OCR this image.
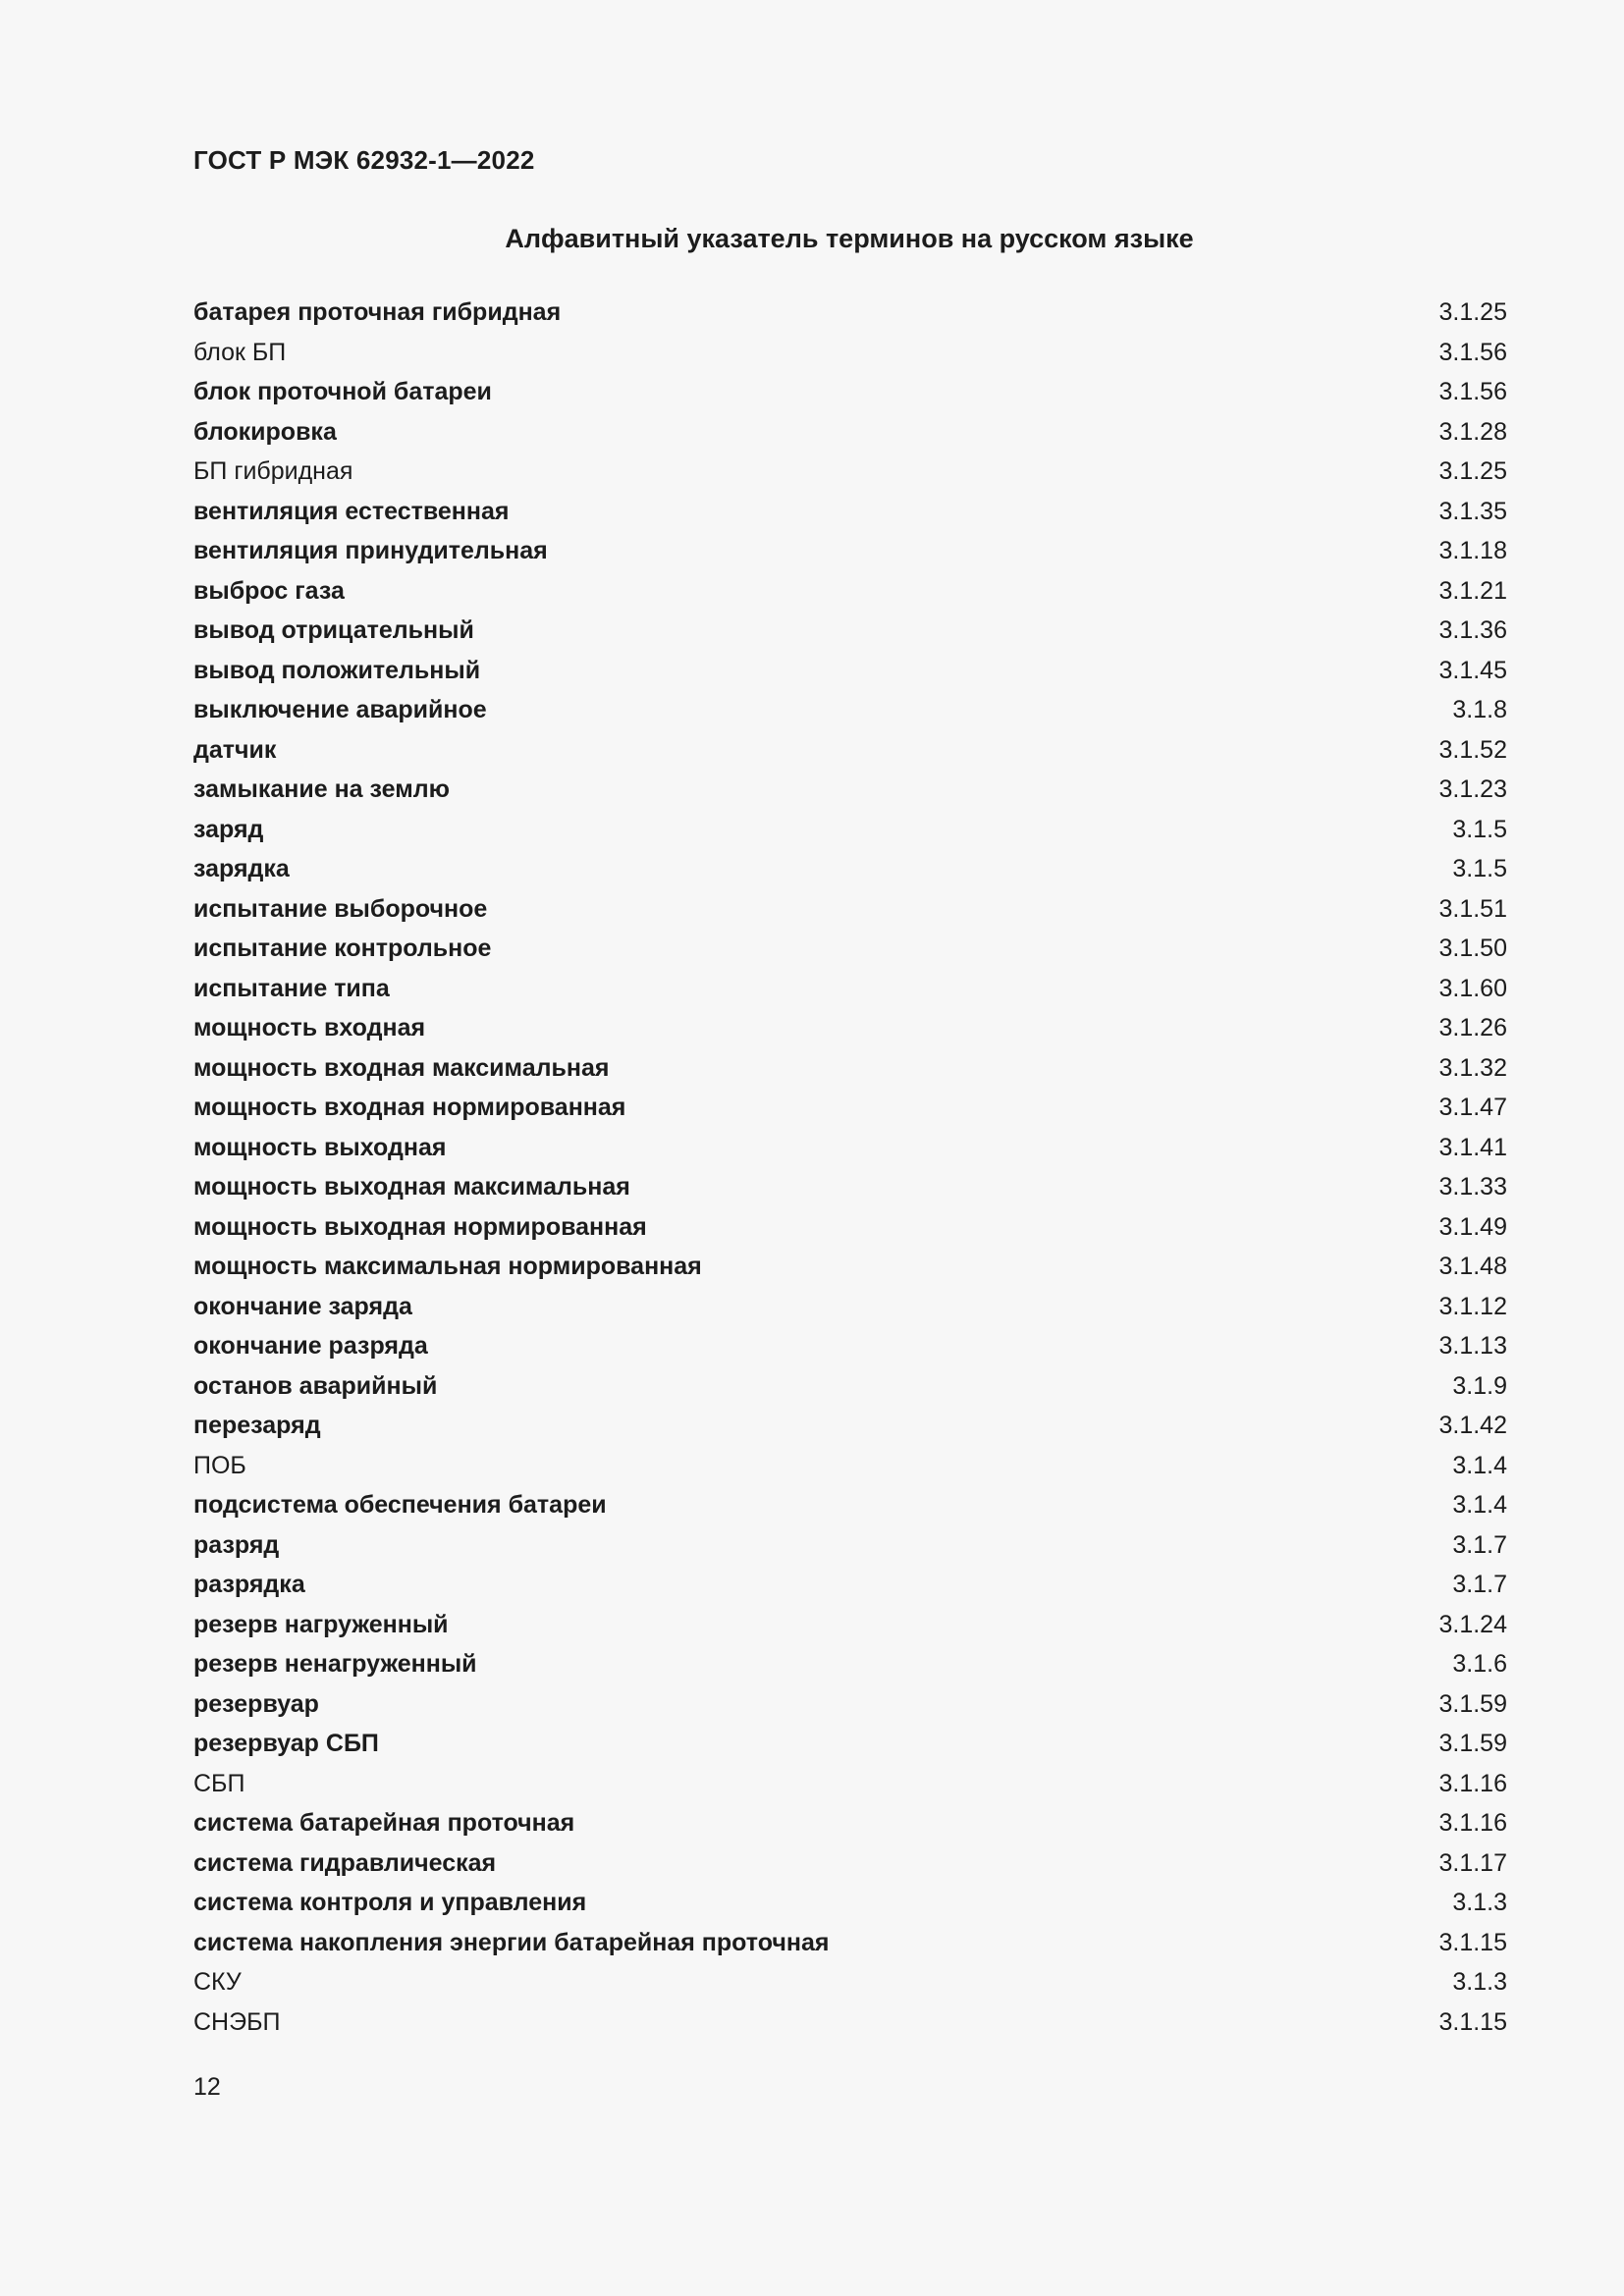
ГОСТ Р МЭК 62932-1—2022
Алфавитный указатель терминов на русском языке
батарея проточная гибридная	3.1.25
блок БП	3.1.56
блок проточной батареи	3.1.56
блокировка	3.1.28
БП гибридная	3.1.25
вентиляция естественная	3.1.35
вентиляция принудительная	3.1.18
выброс газа	3.1.21
вывод отрицательный	3.1.36
вывод положительный	3.1.45
выключение аварийное	3.1.8
датчик	3.1.52
замыкание на землю	3.1.23
заряд	3.1.5
зарядка	3.1.5
испытание выборочное	3.1.51
испытание контрольное	3.1.50
испытание типа	3.1.60
мощность входная	3.1.26
мощность входная максимальная	3.1.32
мощность входная нормированная	3.1.47
мощность выходная	3.1.41
мощность выходная максимальная	3.1.33
мощность выходная нормированная	3.1.49
мощность максимальная нормированная	3.1.48
окончание заряда	3.1.12
окончание разряда	3.1.13
останов аварийный	3.1.9
перезаряд	3.1.42
ПОБ	3.1.4
подсистема обеспечения батареи	3.1.4
разряд	3.1.7
разрядка	3.1.7
резерв нагруженный	3.1.24
резерв ненагруженный	3.1.6
резервуар	3.1.59
резервуар СБП	3.1.59
СБП	3.1.16
система батарейная проточная	3.1.16
система гидравлическая	3.1.17
система контроля и управления	3.1.3
система накопления энергии батарейная проточная	3.1.15
СКУ	3.1.3
СНЭБП	3.1.15
12
